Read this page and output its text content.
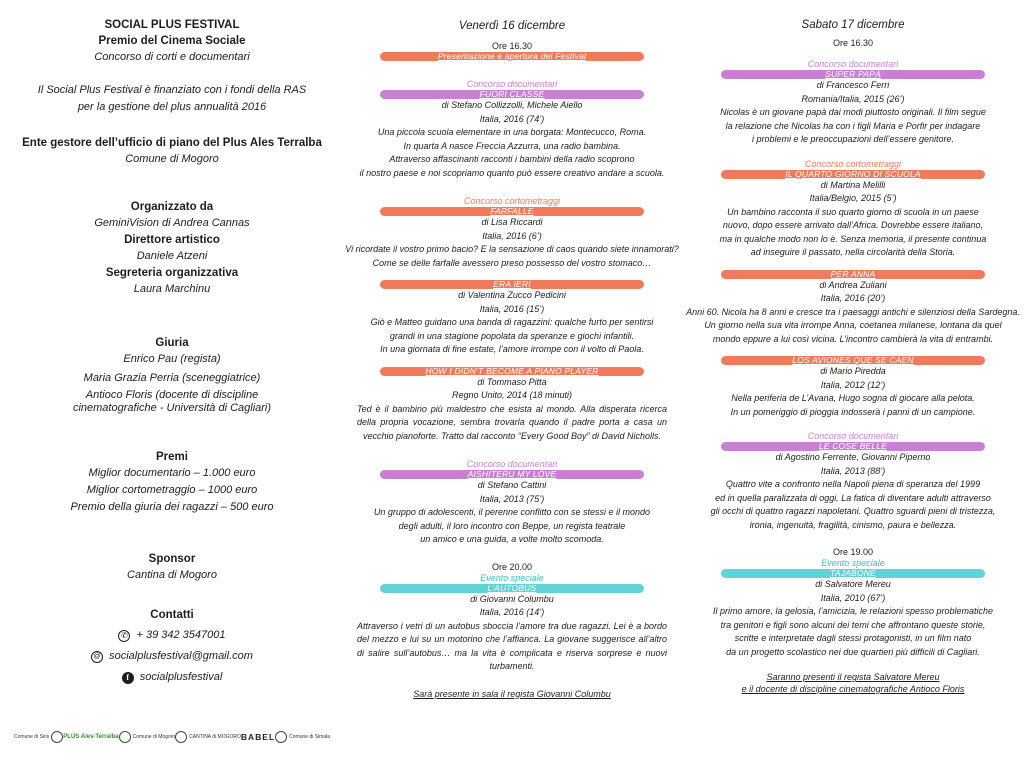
SOCIAL PLUS FESTIVAL
Premio del Cinema Sociale
Concorso di corti e documentari
Il Social Plus Festival è finanziato con i fondi della RAS
per la gestione del plus annualità 2016
Ente gestore dell’ufficio di piano del Plus Ales Terralba
Comune di Mogoro
Organizzato da
GeminiVision di Andrea Cannas
Direttore artistico
Daniele Atzeni
Segreteria organizzativa
Laura Marchinu
Giuria
Enrico Pau (regista)
Maria Grazia Perria (sceneggiatrice)
Antioco Floris (docente di discipline
cinematografiche - Università di Cagliari)
Premi
Miglior documentario – 1.000 euro
Miglior cortometraggio – 1000 euro
Premio della giuria dei ragazzi – 500 euro
Sponsor
Cantina di Mogoro
Contatti
✆ + 39 342 3547001
@ socialplusfestival@gmail.com
f socialplusfestival
Comune di Siris PLUS Ales-Terralba	Comune di Mogoro	CANTINA di MOGORO BABEL	Comune di Simala
Venerdì 16 dicembre
Ore 16.30
Presentazione e apertura del Festival
Concorso documentari
FUORI CLASSE
di Stefano Collizzolli, Michele Aiello
Italia, 2016 (74’)
Una piccola scuola elementare in una borgata: Montecucco, Roma.
In quarta A nasce Freccia Azzurra, una radio bambina.
Attraverso affascinanti racconti i bambini della radio scoprono
il nostro paese e noi scopriamo quanto può essere creativo andare a scuola.
Concorso cortometraggi
FARFALLE
di Lisa Riccardi
Italia, 2016 (6’)
Vi ricordate il vostro primo bacio? E la sensazione di caos quando siete innamorati?
Come se delle farfalle avessero preso possesso del vostro stomaco…
ERA IERI
di Valentina Zucco Pedicini
Italia, 2016 (15’)
Giò e Matteo guidano una banda di ragazzini: qualche furto per sentirsi
grandi in una stagione popolata da speranze e giochi infantili.
In una giornata di fine estate, l’amore irrompe con il volto di Paola.
HOW I DIDN’T BECOME A PIANO PLAYER
di Tommaso Pitta
Regno Unito, 2014 (18 minuti)
Ted è il bambino più maldestro che esista al mondo. Alla disperata ricerca della propria vocazione, sembra trovarla quando il padre porta a casa un vecchio pianoforte. Tratto dal racconto “Every Good Boy” di David Nicholls.
Concorso documentari
AISHITERU MY LOVE
di Stefano Cattini
Italia, 2013 (75’)
Un gruppo di adolescenti, il perenne conflitto con se stessi e il mondo
degli adulti, il loro incontro con Beppe, un regista teatrale
un amico e una guida, a volte molto scomoda.
Ore 20.00
Evento speciale
L’AUTOBUS
di Giovanni Columbu
Italia, 2016 (14’)
Attraverso i vetri di un autobus sboccia l’amore tra due ragazzi. Lei è a bordo del mezzo e lui su un motorino che l’affianca. La giovane suggerisce all’altro di salire sull’autobus… ma la vita è complicata e riserva sorprese e nuovi turbamenti.
Sarà presente in sala il regista Giovanni Columbu
Sabato 17 dicembre
Ore 16.30
Concorso documentari
SUPER PAPÀ
di Francesco Ferri
Romania/Italia, 2015 (26’)
Nicolas è un giovane papà dai modi piuttosto originali. Il film segue
la relazione che Nicolas ha con i figli Maria e Porfir per indagare
i problemi e le preoccupazioni dell’essere genitore.
Concorso cortometraggi
IL QUARTO GIORNO DI SCUOLA
di Martina Melilli
Italia/Belgio, 2015 (5’)
Un bambino racconta il suo quarto giorno di scuola in un paese
nuovo, dopo essere arrivato dall’Africa. Dovrebbe essere italiano,
ma in qualche modo non lo è. Senza memoria, il presente continua
ad inseguire il passato, nella circolarità della Storia.
PER ANNA
di Andrea Zuliani
Italia, 2016 (20’)
Anni 60. Nicola ha 8 anni e cresce tra i paesaggi antichi e silenziosi della Sardegna.
Un giorno nella sua vita irrompe Anna, coetanea milanese, lontana da quel
mondo eppure a lui così vicina. L’incontro cambierà la vita di entrambi.
LOS AVIONES QUE SE CAEN
di Mario Piredda
Italia, 2012 (12’)
Nella periferia de L’Avana, Hugo sogna di giocare alla pelota.
In un pomeriggio di pioggia indosserà i panni di un campione.
Concorso documentari
LE COSE BELLE
di Agostino Ferrente, Giovanni Piperno
Italia, 2013 (88’)
Quattro vite a confronto nella Napoli piena di speranza del 1999
ed in quella paralizzata di oggi. La fatica di diventare adulti attraverso
gli occhi di quattro ragazzi napoletani. Quattro sguardi pieni di tristezza,
ironia, ingenuità, fragilità, cinismo, paura e bellezza.
Ore 19.00
Evento speciale
TAJABONE
di Salvatore Mereu
Italia, 2010 (67’)
Il primo amore, la gelosia, l’amicizia, le relazioni spesso problematiche
tra genitori e figli sono alcuni dei temi che affrontano queste storie,
scritte e interpretate dagli stessi protagonisti, in un film nato
da un progetto scolastico nei due quartieri più difficili di Cagliari.
Saranno presenti il regista Salvatore Mereu
e il docente di discipline cinematografiche Antioco Floris
